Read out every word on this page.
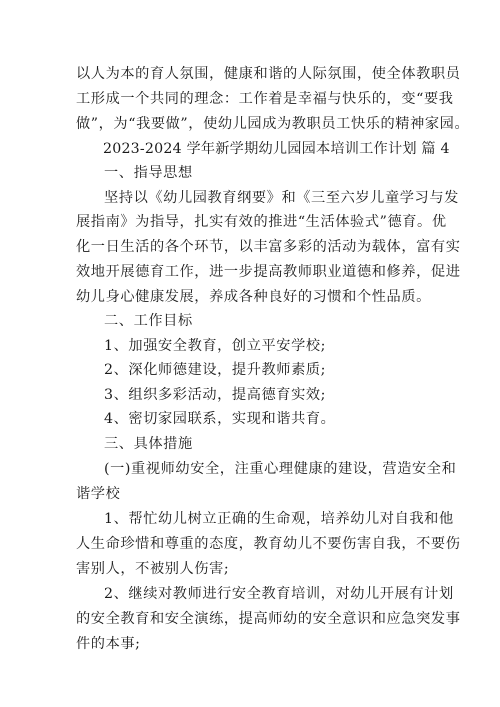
以人为本的育人氛围，健康和谐的人际氛围，使全体教职员
工形成一个共同的理念：工作着是幸福与快乐的，变“要我
做”，为“我要做”，使幼儿园成为教职员工快乐的精神家园。
2023-2024 学年新学期幼儿园园本培训工作计划 篇 4
一、指导思想
坚持以《幼儿园教育纲要》和《三至六岁儿童学习与发
展指南》为指导，扎实有效的推进“生活体验式”德育。优
化一日生活的各个环节，以丰富多彩的活动为载体，富有实
效地开展德育工作，进一步提高教师职业道德和修养，促进
幼儿身心健康发展，养成各种良好的习惯和个性品质。
二、工作目标
1、加强安全教育，创立平安学校;
2、深化师德建设，提升教师素质;
3、组织多彩活动，提高德育实效;
4、密切家园联系，实现和谐共育。
三、具体措施
(一)重视师幼安全，注重心理健康的建设，营造安全和
谐学校
1、帮忙幼儿树立正确的生命观，培养幼儿对自我和他
人生命珍惜和尊重的态度，教育幼儿不要伤害自我，不要伤
害别人，不被别人伤害;
2、继续对教师进行安全教育培训，对幼儿开展有计划
的安全教育和安全演练，提高师幼的安全意识和应急突发事
件的本事;
